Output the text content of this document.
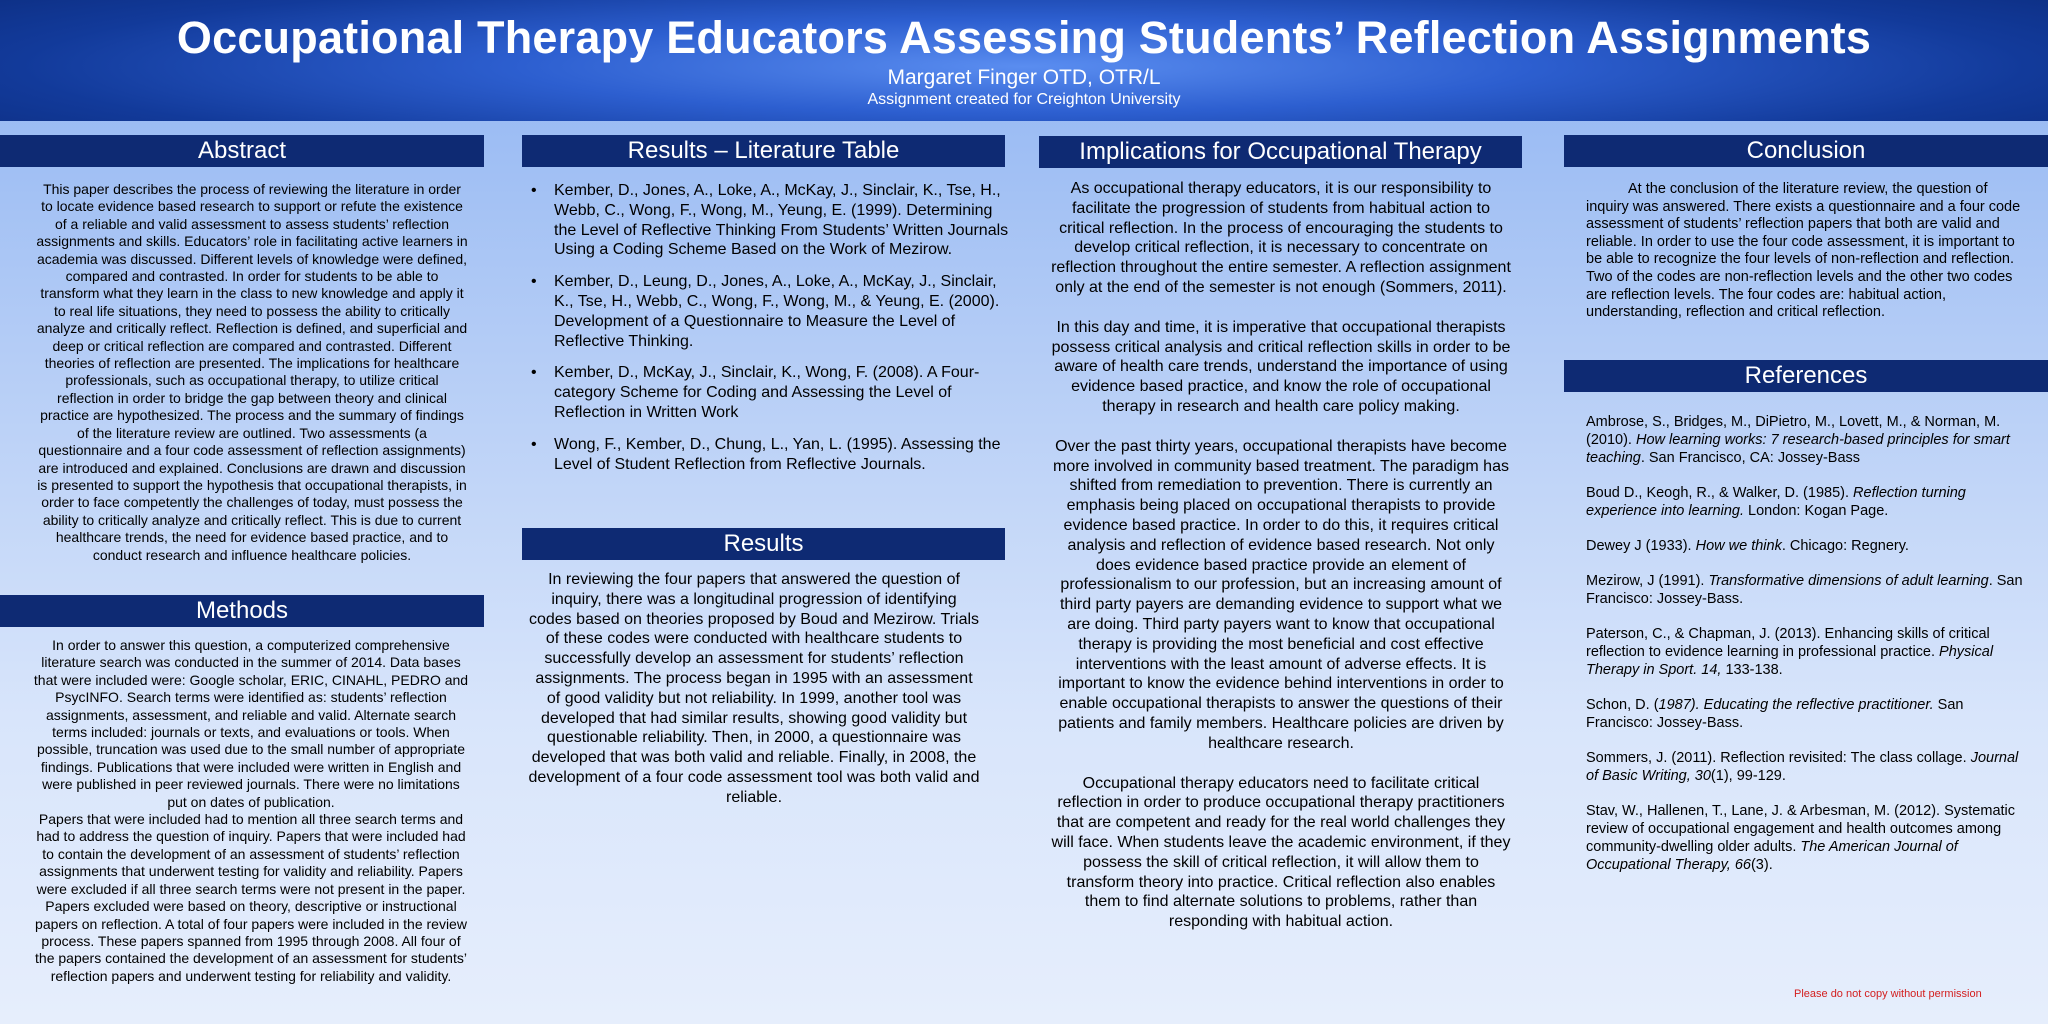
Occupational Therapy Educators Assessing Students’ Reflection Assignments
Margaret Finger OTD, OTR/L
Assignment created for Creighton University
Abstract

This paper describes the process of reviewing the literature in order to locate evidence based research to support or refute the existence of a reliable and valid assessment to assess students’ reflection assignments and skills. Educators’ role in facilitating active learners in academia was discussed. Different levels of knowledge were defined, compared and contrasted. In order for students to be able to transform what they learn in the class to new knowledge and apply it to real life situations, they need to possess the ability to critically analyze and critically reflect. Reflection is defined, and superficial and deep or critical reflection are compared and contrasted. Different theories of reflection are presented. The implications for healthcare professionals, such as occupational therapy, to utilize critical reflection in order to bridge the gap between theory and clinical practice are hypothesized. The process and the summary of findings of the literature review are outlined. Two assessments (a questionnaire and a four code assessment of reflection assignments) are introduced and explained. Conclusions are drawn and discussion is presented to support the hypothesis that occupational therapists, in order to face competently the challenges of today, must possess the ability to critically analyze and critically reflect. This is due to current healthcare trends, the need for evidence based practice, and to conduct research and influence healthcare policies.

Methods

In order to answer this question, a computerized comprehensive literature search was conducted in the summer of 2014. Data bases that were included were: Google scholar, ERIC, CINAHL, PEDRO and PsycINFO. Search terms were identified as: students’ reflection assignments, assessment, and reliable and valid. Alternate search terms included: journals or texts, and evaluations or tools. When possible, truncation was used due to the small number of appropriate findings. Publications that were included were written in English and were published in peer reviewed journals. There were no limitations put on dates of publication.

Papers that were included had to mention all three search terms and had to address the question of inquiry. Papers that were included had to contain the development of an assessment of students’ reflection assignments that underwent testing for validity and reliability. Papers were excluded if all three search terms were not present in the paper. Papers excluded were based on theory, descriptive or instructional papers on reflection. A total of four papers were included in the review process. These papers spanned from 1995 through 2008. All four of the papers contained the development of an assessment for students’ reflection papers and underwent testing for reliability and validity.

Results – Literature Table
• Kember, D., Jones, A., Loke, A., McKay, J., Sinclair, K., Tse, H., Webb, C., Wong, F., Wong, M., Yeung, E. (1999). Determining the Level of Reflective Thinking From Students’ Written Journals Using a Coding Scheme Based on the Work of Mezirow.
• Kember, D., Leung, D., Jones, A., Loke, A., McKay, J., Sinclair, K., Tse, H., Webb, C., Wong, F., Wong, M., & Yeung, E. (2000). Development of a Questionnaire to Measure the Level of Reflective Thinking.
• Kember, D., McKay, J., Sinclair, K., Wong, F. (2008). A Four-category Scheme for Coding and Assessing the Level of Reflection in Written Work
• Wong, F., Kember, D., Chung, L., Yan, L. (1995). Assessing the Level of Student Reflection from Reflective Journals.
Results

In reviewing the four papers that answered the question of inquiry, there was a longitudinal progression of identifying codes based on theories proposed by Boud and Mezirow. Trials of these codes were conducted with healthcare students to successfully develop an assessment for students’ reflection assignments. The process began in 1995 with an assessment of good validity but not reliability. In 1999, another tool was developed that had similar results, showing good validity but questionable reliability. Then, in 2000, a questionnaire was developed that was both valid and reliable. Finally, in 2008, the development of a four code assessment tool was both valid and reliable.

Implications for Occupational Therapy

As occupational therapy educators, it is our responsibility to facilitate the progression of students from habitual action to critical reflection. In the process of encouraging the students to develop critical reflection, it is necessary to concentrate on reflection throughout the entire semester. A reflection assignment only at the end of the semester is not enough (Sommers, 2011).

In this day and time, it is imperative that occupational therapists possess critical analysis and critical reflection skills in order to be aware of health care trends, understand the importance of using evidence based practice, and know the role of occupational therapy in research and health care policy making.

Over the past thirty years, occupational therapists have become more involved in community based treatment. The paradigm has shifted from remediation to prevention. There is currently an emphasis being placed on occupational therapists to provide evidence based practice. In order to do this, it requires critical analysis and reflection of evidence based research. Not only does evidence based practice provide an element of professionalism to our profession, but an increasing amount of third party payers are demanding evidence to support what we are doing. Third party payers want to know that occupational therapy is providing the most beneficial and cost effective interventions with the least amount of adverse effects. It is important to know the evidence behind interventions in order to enable occupational therapists to answer the questions of their patients and family members. Healthcare policies are driven by healthcare research.

Occupational therapy educators need to facilitate critical reflection in order to produce occupational therapy practitioners that are competent and ready for the real world challenges they will face. When students leave the academic environment, if they possess the skill of critical reflection, it will allow them to transform theory into practice. Critical reflection also enables them to find alternate solutions to problems, rather than responding with habitual action.

Conclusion

At the conclusion of the literature review, the question of inquiry was answered. There exists a questionnaire and a four code assessment of students’ reflection papers that both are valid and reliable. In order to use the four code assessment, it is important to be able to recognize the four levels of non-reflection and reflection. Two of the codes are non-reflection levels and the other two codes are reflection levels. The four codes are: habitual action, understanding, reflection and critical reflection.

References

Ambrose, S., Bridges, M., DiPietro, M., Lovett, M., & Norman, M. (2010). How learning works: 7 research-based principles for smart teaching. San Francisco, CA: Jossey-Bass

Boud D., Keogh, R., & Walker, D. (1985). Reflection turning experience into learning. London: Kogan Page.

Dewey J (1933). How we think. Chicago: Regnery.

Mezirow, J (1991). Transformative dimensions of adult learning. San Francisco: Jossey-Bass.

Paterson, C., & Chapman, J. (2013). Enhancing skills of critical reflection to evidence learning in professional practice. Physical Therapy in Sport. 14, 133-138.

Schon, D. (1987). Educating the reflective practitioner. San Francisco: Jossey-Bass.

Sommers, J. (2011). Reflection revisited: The class collage. Journal of Basic Writing, 30(1), 99-129.

Stav, W., Hallenen, T., Lane, J. & Arbesman, M. (2012). Systematic review of occupational engagement and health outcomes among community-dwelling older adults. The American Journal of Occupational Therapy, 66(3).

Please do not copy without permission
